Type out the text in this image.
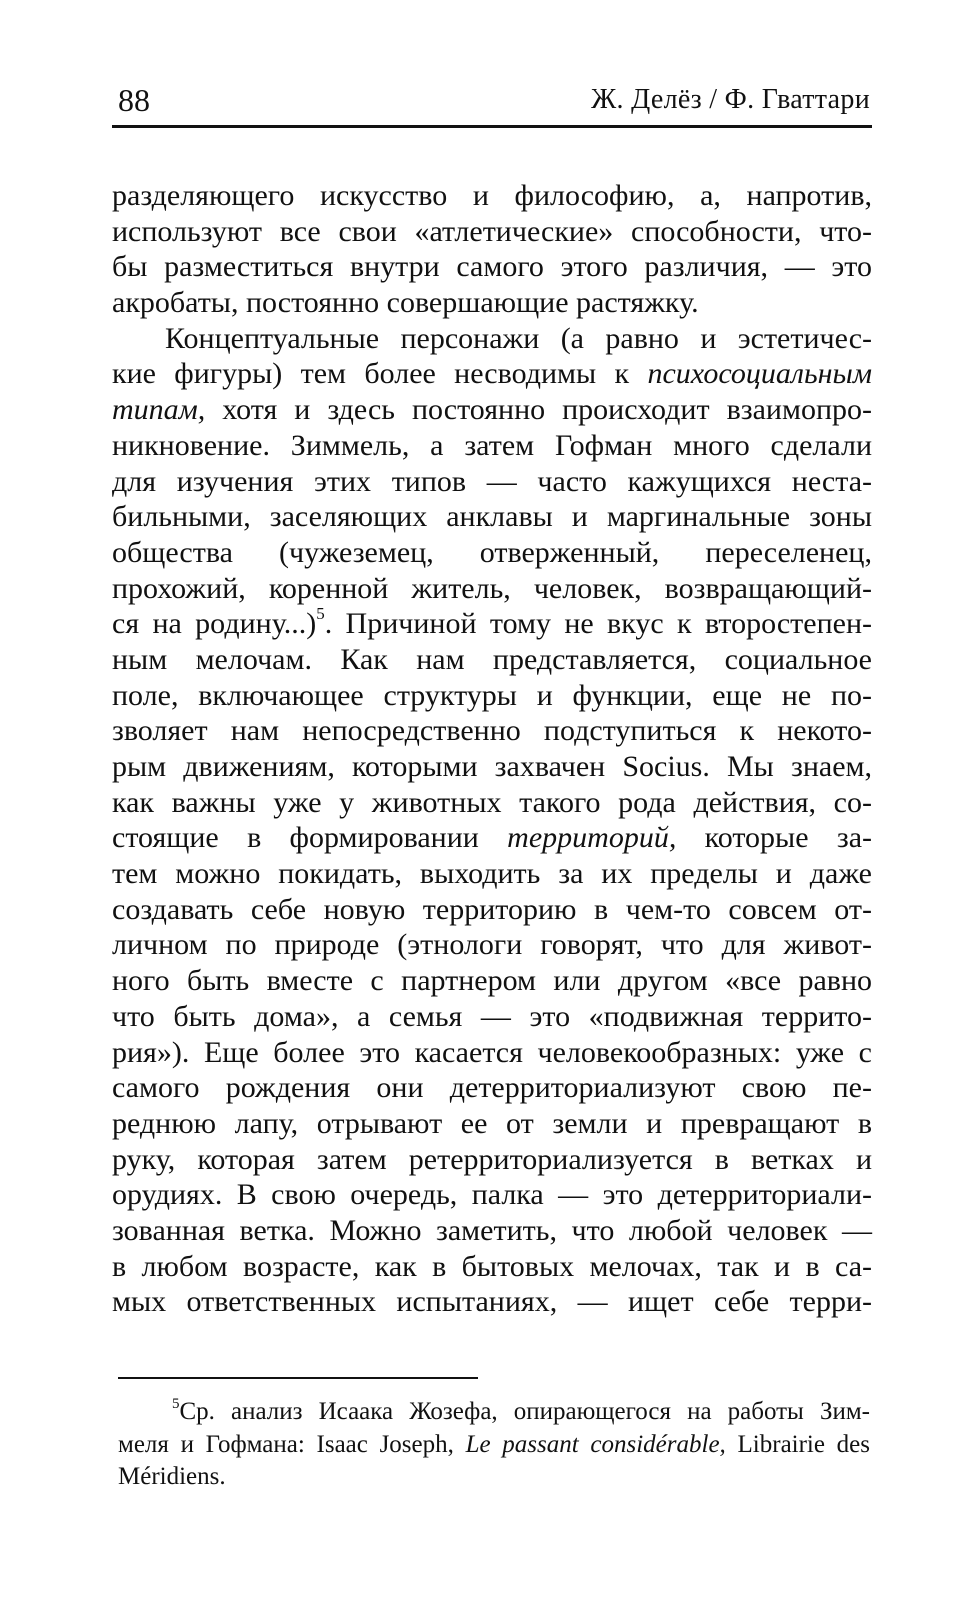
88	Ж. Делёз / Ф. Гваттари
разделяющего искусство и философию, а, напротив,
используют все свои «атлетические» способности, что-
бы разместиться внутри самого этого различия, — это
акробаты, постоянно совершающие растяжку.
Концептуальные персонажи (а равно и эстетичес-
кие фигуры) тем более несводимы к психосоциальным
типам, хотя и здесь постоянно происходит взаимопро-
никновение. Зиммель, а затем Гофман много сделали
для изучения этих типов — часто кажущихся неста-
бильными, заселяющих анклавы и маргинальные зоны
общества (чужеземец, отверженный, переселенец,
прохожий, коренной житель, человек, возвращающий-
ся на родину...)$^5$. Причиной тому не вкус к второстепен-
ным мелочам. Как нам представляется, социальное
поле, включающее структуры и функции, еще не по-
зволяет нам непосредственно подступиться к некото-
рым движениям, которыми захвачен Socius. Мы знаем,
как важны уже у животных такого рода действия, со-
стоящие в формировании территорий, которые за-
тем можно покидать, выходить за их пределы и даже
создавать себе новую территорию в чем-то совсем от-
личном по природе (этнологи говорят, что для живот-
ного быть вместе с партнером или другом «все равно
что быть дома», а семья — это «подвижная террито-
рия»). Еще более это касается человекообразных: уже с
самого рождения они детерриториализуют свою пе-
реднюю лапу, отрывают ее от земли и превращают в
руку, которая затем ретерриториализуется в ветках и
орудиях. В свою очередь, палка — это детерриториали-
зованная ветка. Можно заметить, что любой человек —
в любом возрасте, как в бытовых мелочах, так и в са-
мых ответственных испытаниях, — ищет себе терри-
$^5$Ср. анализ Исаака Жозефа, опирающегося на работы Зим-
меля и Гофмана: Isaac Joseph, Le passant considérable, Librairie des
Méridiens.
